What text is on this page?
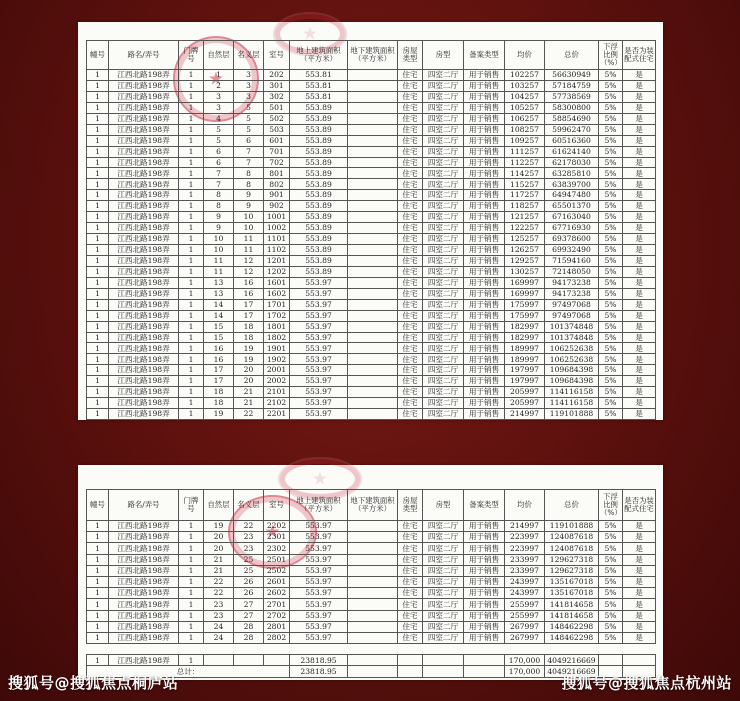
★
★
幢号	路名/弄号	门牌号	自然层	名义层	室号	地上建筑面积（平方米）	地下建筑面积（平方米）	房屋类型	房型	备案类型	均价	总价	下浮比例（%）	是否为装配式住宅
1	江西北路198弄	1	1	3	202	553.81		住宅	四室二厅	用于销售	102257	56630949	5%	是
1	江西北路198弄	1	2	3	301	553.81		住宅	四室二厅	用于销售	103257	57184759	5%	是
1	江西北路198弄	1	3	3	302	553.81		住宅	四室二厅	用于销售	104257	57738569	5%	是
1	江西北路198弄	1	3	5	501	553.89		住宅	四室二厅	用于销售	105257	58300800	5%	是
1	江西北路198弄	1	4	5	502	553.89		住宅	四室二厅	用于销售	106257	58854690	5%	是
1	江西北路198弄	1	5	5	503	553.89		住宅	四室二厅	用于销售	108257	59962470	5%	是
1	江西北路198弄	1	5	6	601	553.89		住宅	四室二厅	用于销售	109257	60516360	5%	是
1	江西北路198弄	1	6	7	701	553.89		住宅	四室二厅	用于销售	111257	61624140	5%	是
1	江西北路198弄	1	6	7	702	553.89		住宅	四室二厅	用于销售	112257	62178030	5%	是
1	江西北路198弄	1	7	8	801	553.89		住宅	四室二厅	用于销售	114257	63285810	5%	是
1	江西北路198弄	1	7	8	802	553.89		住宅	四室二厅	用于销售	115257	63839700	5%	是
1	江西北路198弄	1	8	9	901	553.89		住宅	四室二厅	用于销售	117257	64947480	5%	是
1	江西北路198弄	1	8	9	902	553.89		住宅	四室二厅	用于销售	118257	65501370	5%	是
1	江西北路198弄	1	9	10	1001	553.89		住宅	四室二厅	用于销售	121257	67163040	5%	是
1	江西北路198弄	1	9	10	1002	553.89		住宅	四室二厅	用于销售	122257	67716930	5%	是
1	江西北路198弄	1	10	11	1101	553.89		住宅	四室二厅	用于销售	125257	69378600	5%	是
1	江西北路198弄	1	10	11	1102	553.89		住宅	四室二厅	用于销售	126257	69932490	5%	是
1	江西北路198弄	1	11	12	1201	553.89		住宅	四室二厅	用于销售	129257	71594160	5%	是
1	江西北路198弄	1	11	12	1202	553.89		住宅	四室二厅	用于销售	130257	72148050	5%	是
1	江西北路198弄	1	13	16	1601	553.97		住宅	四室二厅	用于销售	169997	94173238	5%	是
1	江西北路198弄	1	13	16	1602	553.97		住宅	四室二厅	用于销售	169997	94173238	5%	是
1	江西北路198弄	1	14	17	1701	553.97		住宅	四室二厅	用于销售	175997	97497068	5%	是
1	江西北路198弄	1	14	17	1702	553.97		住宅	四室二厅	用于销售	175997	97497068	5%	是
1	江西北路198弄	1	15	18	1801	553.97		住宅	四室二厅	用于销售	182997	101374848	5%	是
1	江西北路198弄	1	15	18	1802	553.97		住宅	四室二厅	用于销售	182997	101374848	5%	是
1	江西北路198弄	1	16	19	1901	553.97		住宅	四室二厅	用于销售	189997	106252638	5%	是
1	江西北路198弄	1	16	19	1902	553.97		住宅	四室二厅	用于销售	189997	106252638	5%	是
1	江西北路198弄	1	17	20	2001	553.97		住宅	四室二厅	用于销售	197997	109684398	5%	是
1	江西北路198弄	1	17	20	2002	553.97		住宅	四室二厅	用于销售	197997	109684398	5%	是
1	江西北路198弄	1	18	21	2101	553.97		住宅	四室二厅	用于销售	205997	114116158	5%	是
1	江西北路198弄	1	18	21	2102	553.97		住宅	四室二厅	用于销售	205997	114116158	5%	是
1	江西北路198弄	1	19	22	2201	553.97		住宅	四室二厅	用于销售	214997	119101888	5%	是
★
★
幢号	路名/弄号	门牌号	自然层	名义层	室号	地上建筑面积（平方米）	地下建筑面积（平方米）	房屋类型	房型	备案类型	均价	总价	下浮比例（%）	是否为装配式住宅
1	江西北路198弄	1	19	22	2202	553.97		住宅	四室二厅	用于销售	214997	119101888	5%	是
1	江西北路198弄	1	20	23	2301	553.97		住宅	四室二厅	用于销售	223997	124087618	5%	是
1	江西北路198弄	1	20	23	2302	553.97		住宅	四室二厅	用于销售	223997	124087618	5%	是
1	江西北路198弄	1	21	25	2501	553.97		住宅	四室二厅	用于销售	233997	129627318	5%	是
1	江西北路198弄	1	21	25	2502	553.97		住宅	四室二厅	用于销售	233997	129627318	5%	是
1	江西北路198弄	1	22	26	2601	553.97		住宅	四室二厅	用于销售	243997	135167018	5%	是
1	江西北路198弄	1	22	26	2602	553.97		住宅	四室二厅	用于销售	243997	135167018	5%	是
1	江西北路198弄	1	23	27	2701	553.97		住宅	四室二厅	用于销售	255997	141814658	5%	是
1	江西北路198弄	1	23	27	2702	553.97		住宅	四室二厅	用于销售	255997	141814658	5%	是
1	江西北路198弄	1	24	28	2801	553.97		住宅	四室二厅	用于销售	267997	148462298	5%	是
1	江西北路198弄	1	24	28	2802	553.97		住宅	四室二厅	用于销售	267997	148462298	5%	是

1	江西北路198弄	1				23818.95					170,000	4049216669		
总计：						23818.95					170,000	4049216669		
搜狐号@搜狐焦点桐庐站	搜狐号@搜狐焦点杭州站
